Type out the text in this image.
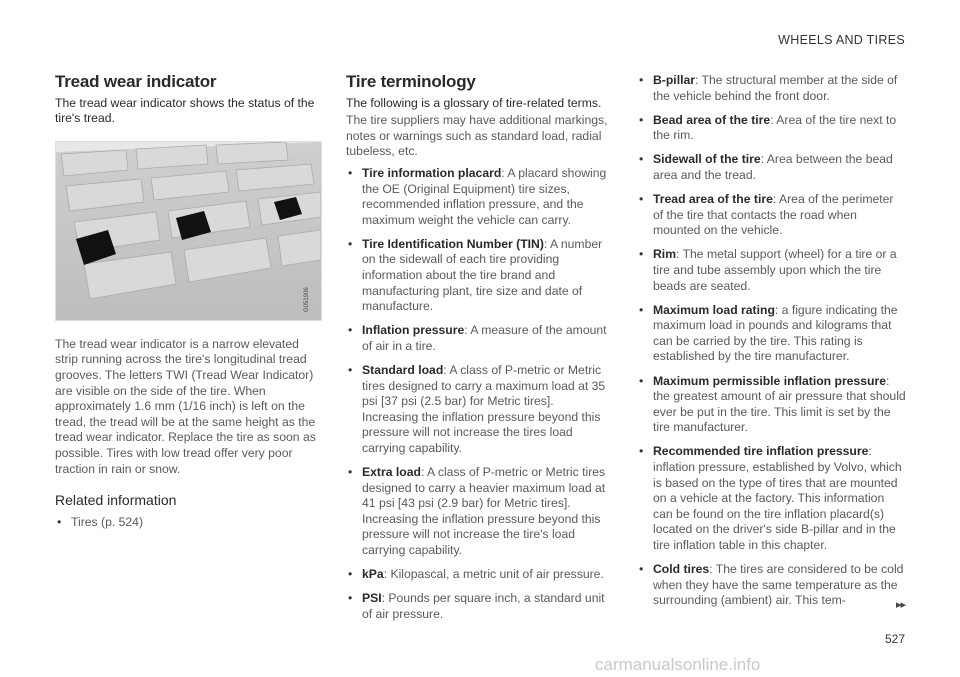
WHEELS AND TIRES
Tread wear indicator

The tread wear indicator shows the status of the tire's tread.

G051906

The tread wear indicator is a narrow elevated strip running across the tire's longitudinal tread grooves. The letters TWI (Tread Wear Indicator) are visible on the side of the tire. When approximately 1.6 mm (1/16 inch) is left on the tread, the tread will be at the same height as the tread wear indicator. Replace the tire as soon as possible. Tires with low tread offer very poor traction in rain or snow.

Related information
• Tires (p. 524)
Tire terminology

The following is a glossary of tire-related terms.

The tire suppliers may have additional markings, notes or warnings such as standard load, radial tubeless, etc.

• Tire information placard: A placard showing the OE (Original Equipment) tire sizes, recommended inflation pressure, and the maximum weight the vehicle can carry.
• Tire Identification Number (TIN): A number on the sidewall of each tire providing information about the tire brand and manufacturing plant, tire size and date of manufacture.
• Inflation pressure: A measure of the amount of air in a tire.
• Standard load: A class of P-metric or Metric tires designed to carry a maximum load at 35 psi [37 psi (2.5 bar) for Metric tires]. Increasing the inflation pressure beyond this pressure will not increase the tires load carrying capability.
• Extra load: A class of P-metric or Metric tires designed to carry a heavier maximum load at 41 psi [43 psi (2.9 bar) for Metric tires]. Increasing the inflation pressure beyond this pressure will not increase the tire's load carrying capability.
• kPa: Kilopascal, a metric unit of air pressure.
• PSI: Pounds per square inch, a standard unit of air pressure.
• B-pillar: The structural member at the side of the vehicle behind the front door.
• Bead area of the tire: Area of the tire next to the rim.
• Sidewall of the tire: Area between the bead area and the tread.
• Tread area of the tire: Area of the perimeter of the tire that contacts the road when mounted on the vehicle.
• Rim: The metal support (wheel) for a tire or a tire and tube assembly upon which the tire beads are seated.
• Maximum load rating: a figure indicating the maximum load in pounds and kilograms that can be carried by the tire. This rating is established by the tire manufacturer.
• Maximum permissible inflation pressure: the greatest amount of air pressure that should ever be put in the tire. This limit is set by the tire manufacturer.
• Recommended tire inflation pressure: inflation pressure, established by Volvo, which is based on the type of tires that are mounted on a vehicle at the factory. This information can be found on the tire inflation placard(s) located on the driver's side B-pillar and in the tire inflation table in this chapter.
• Cold tires: The tires are considered to be cold when they have the same temperature as the surrounding (ambient) air. This tem-	▸▸
527
carmanualsonline.info
